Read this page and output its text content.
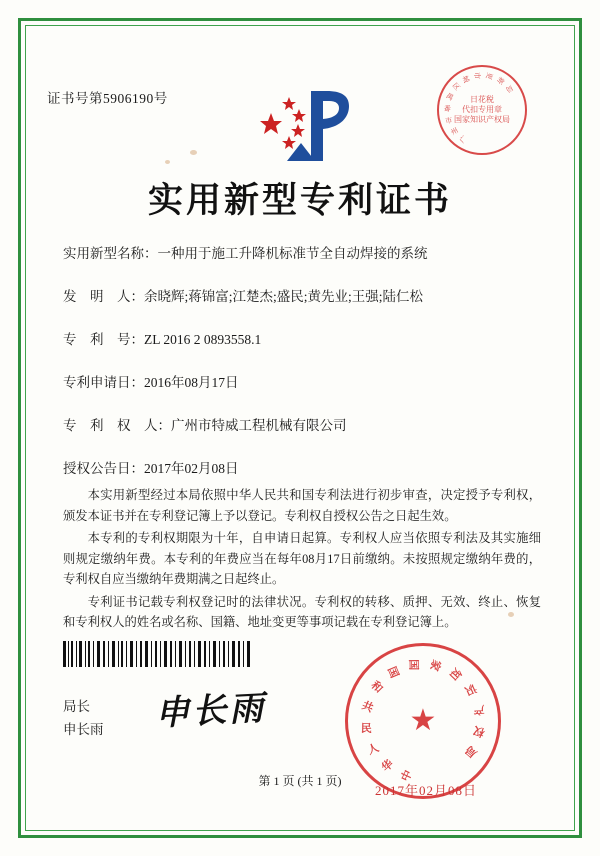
证书号第5906190号
广
州
市
番
禺
区
城 市 更 新
局
日花税
代扣专用章
国家知识产权局
实用新型专利证书
实用新型名称：一种用于施工升降机标准节全自动焊接的系统
发　明　人：余晓辉;蒋锦富;江楚杰;盛民;黄先业;王强;陆仁松
专　利　号：ZL 2016 2 0893558.1
专利申请日：2016年08月17日
专　利　权　人：广州市特威工程机械有限公司
授权公告日：2017年02月08日

本实用新型经过本局依照中华人民共和国专利法进行初步审查，决定授予专利权，颁发本证书并在专利登记簿上予以登记。专利权自授权公告之日起生效。

本专利的专利权期限为十年，自申请日起算。专利权人应当依照专利法及其实施细则规定缴纳年费。本专利的年费应当在每年08月17日前缴纳。未按照规定缴纳年费的，专利权自应当缴纳年费期满之日起终止。

专利证书记载专利权登记时的法律状况。专利权的转移、质押、无效、终止、恢复和专利权人的姓名或名称、国籍、地址变更等事项记载在专利登记簿上。

局长
申长雨 申长雨
中
华
人
民
共
和
国
国 家
知
识
产
权
局
★
2017年02月08日
第 1 页 (共 1 页)
